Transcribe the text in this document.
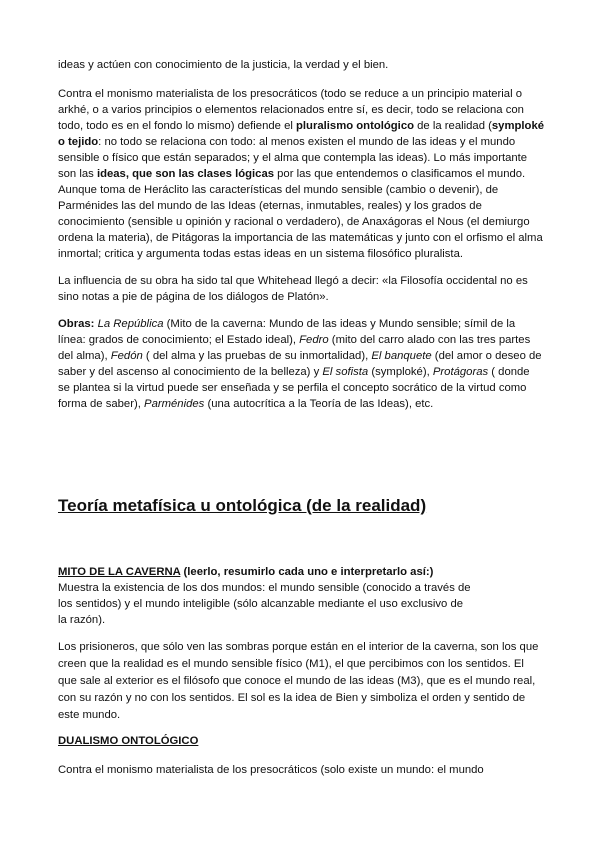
ideas y actúen con conocimiento de la justicia, la verdad y el bien.

Contra el monismo materialista de los presocráticos (todo se reduce a un principio material o arkhé, o a varios principios o elementos relacionados entre sí, es decir, todo se relaciona con todo, todo es en el fondo lo mismo) defiende el pluralismo ontológico de la realidad (symploké o tejido: no todo se relaciona con todo: al menos existen el mundo de las ideas y el mundo sensible o físico que están separados; y el alma que contempla las ideas). Lo más importante son las ideas, que son las clases lógicas por las que entendemos o clasificamos el mundo. Aunque toma de Heráclito las características del mundo sensible (cambio o devenir), de Parménides las del mundo de las Ideas (eternas, inmutables, reales) y los grados de conocimiento (sensible u opinión y racional o verdadero), de Anaxágoras el Nous (el demiurgo ordena la materia), de Pitágoras la importancia de las matemáticas y junto con el orfismo el alma inmortal; critica y argumenta todas estas ideas en un sistema filosófico pluralista.

La influencia de su obra ha sido tal que Whitehead llegó a decir: «la Filosofía occidental no es sino notas a pie de página de los diálogos de Platón».

Obras: La República (Mito de la caverna: Mundo de las ideas y Mundo sensible; símil de la línea: grados de conocimiento; el Estado ideal), Fedro (mito del carro alado con las tres partes del alma), Fedón ( del alma y las pruebas de su inmortalidad), El banquete (del amor o deseo de saber y del ascenso al conocimiento de la belleza) y El sofista (symploké), Protágoras ( donde se plantea si la virtud puede ser enseñada y se perfila el concepto socrático de la virtud como forma de saber), Parménides (una autocrítica a la Teoría de las Ideas), etc.

Teoría metafísica u ontológica (de la realidad)

MITO DE LA CAVERNA (leerlo, resumirlo cada uno e interpretarlo así:)
Muestra la existencia de los dos mundos: el mundo sensible (conocido a través de
los sentidos) y el mundo inteligible (sólo alcanzable mediante el uso exclusivo de
la razón).

Los prisioneros, que sólo ven las sombras porque están en el interior de la caverna, son los que creen que la realidad es el mundo sensible físico (M1), el que percibimos con los sentidos. El que sale al exterior es el filósofo que conoce el mundo de las ideas (M3), que es el mundo real, con su razón y no con los sentidos. El sol es la idea de Bien y simboliza el orden y sentido de este mundo.

DUALISMO ONTOLÓGICO

Contra el monismo materialista de los presocráticos (solo existe un mundo: el mundo
